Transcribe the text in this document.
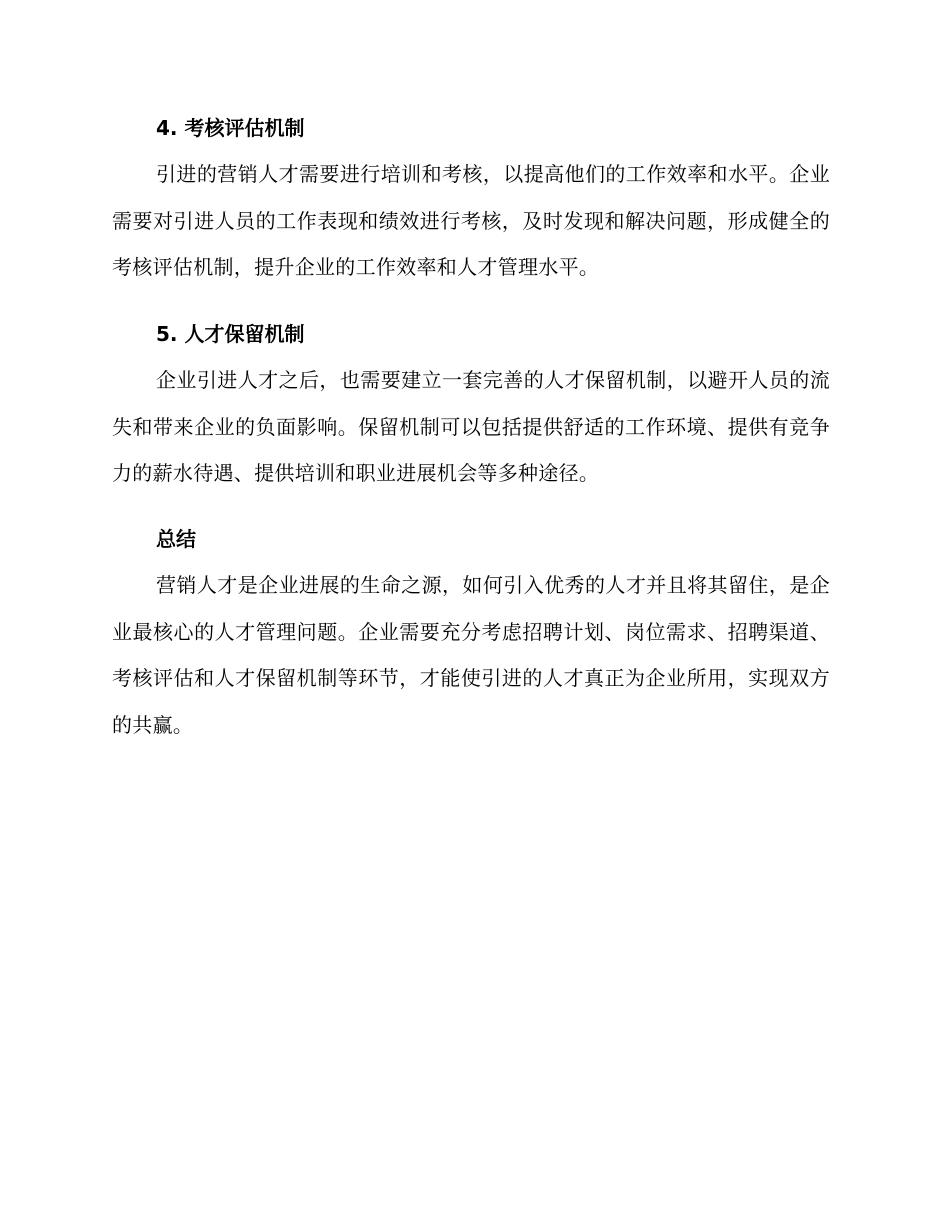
4. 考核评估机制

引进的营销人才需要进行培训和考核，以提高他们的工作效率和水平。企业需要对引进人员的工作表现和绩效进行考核，及时发现和解决问题，形成健全的考核评估机制，提升企业的工作效率和人才管理水平。

5. 人才保留机制

企业引进人才之后，也需要建立一套完善的人才保留机制，以避开人员的流失和带来企业的负面影响。保留机制可以包括提供舒适的工作环境、提供有竞争力的薪水待遇、提供培训和职业进展机会等多种途径。

总结

营销人才是企业进展的生命之源，如何引入优秀的人才并且将其留住，是企业最核心的人才管理问题。企业需要充分考虑招聘计划、岗位需求、招聘渠道、考核评估和人才保留机制等环节，才能使引进的人才真正为企业所用，实现双方的共赢。
